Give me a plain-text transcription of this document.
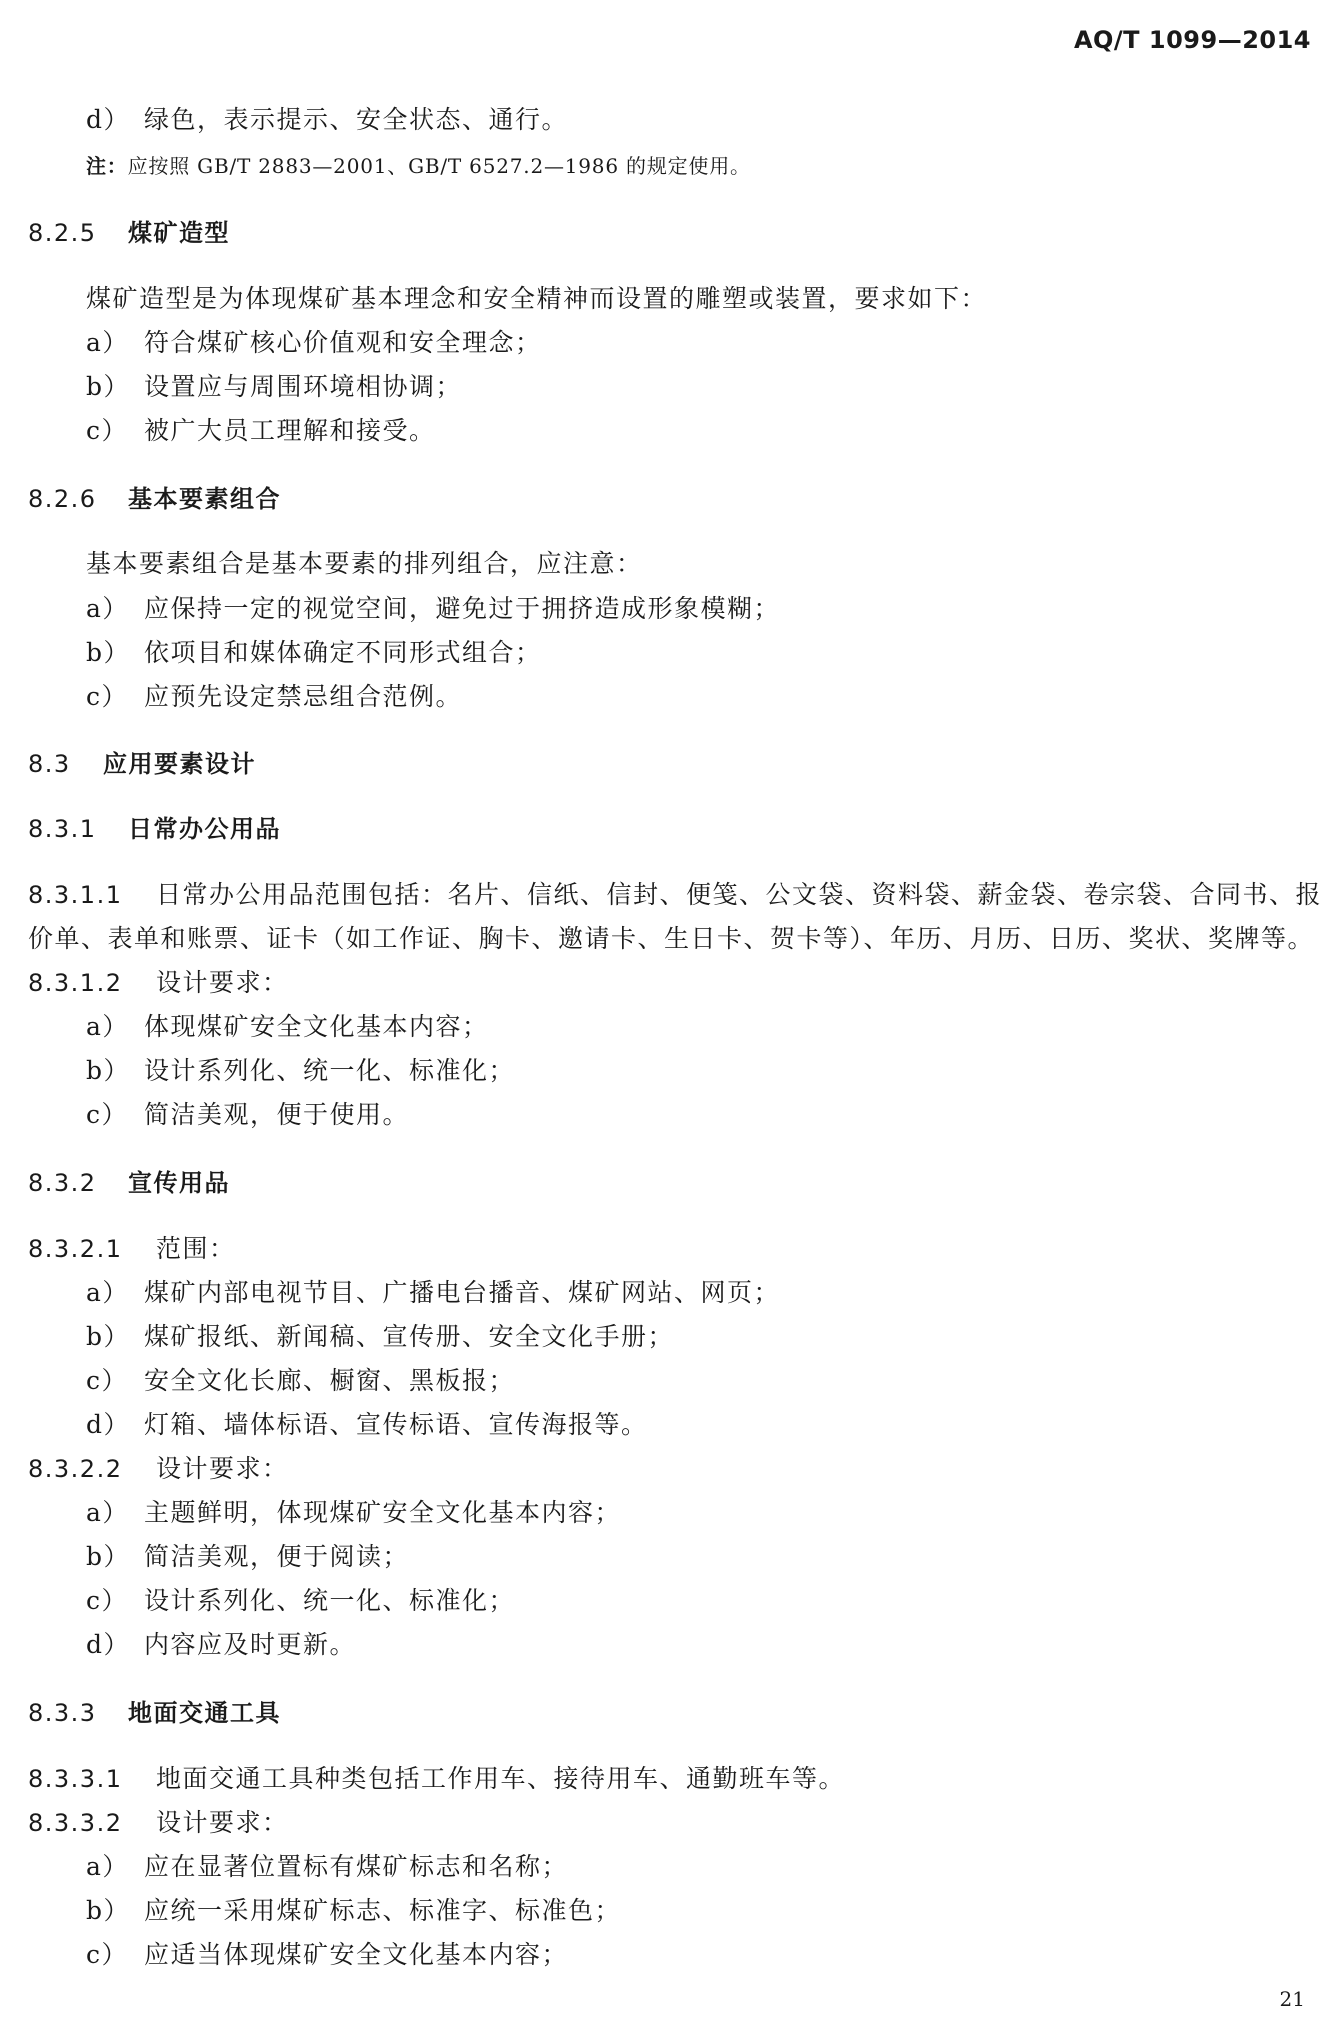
AQ/T 1099—2014
d） 绿色，表示提示、安全状态、通行。
注：应按照 GB/T 2883—2001、GB/T 6527.2—1986 的规定使用。
8.2.5 煤矿造型
煤矿造型是为体现煤矿基本理念和安全精神而设置的雕塑或装置，要求如下：
a） 符合煤矿核心价值观和安全理念；
b） 设置应与周围环境相协调；
c） 被广大员工理解和接受。
8.2.6 基本要素组合
基本要素组合是基本要素的排列组合，应注意：
a） 应保持一定的视觉空间，避免过于拥挤造成形象模糊；
b） 依项目和媒体确定不同形式组合；
c） 应预先设定禁忌组合范例。
8.3 应用要素设计
8.3.1 日常办公用品
8.3.1.1 日常办公用品范围包括：名片、信纸、信封、便笺、公文袋、资料袋、薪金袋、卷宗袋、合同书、报
价单、表单和账票、证卡（如工作证、胸卡、邀请卡、生日卡、贺卡等）、年历、月历、日历、奖状、奖牌等。
8.3.1.2 设计要求：
a） 体现煤矿安全文化基本内容；
b） 设计系列化、统一化、标准化；
c） 简洁美观，便于使用。
8.3.2 宣传用品
8.3.2.1 范围：
a） 煤矿内部电视节目、广播电台播音、煤矿网站、网页；
b） 煤矿报纸、新闻稿、宣传册、安全文化手册；
c） 安全文化长廊、橱窗、黑板报；
d） 灯箱、墙体标语、宣传标语、宣传海报等。
8.3.2.2 设计要求：
a） 主题鲜明，体现煤矿安全文化基本内容；
b） 简洁美观，便于阅读；
c） 设计系列化、统一化、标准化；
d） 内容应及时更新。
8.3.3 地面交通工具
8.3.3.1 地面交通工具种类包括工作用车、接待用车、通勤班车等。
8.3.3.2 设计要求：
a） 应在显著位置标有煤矿标志和名称；
b） 应统一采用煤矿标志、标准字、标准色；
c） 应适当体现煤矿安全文化基本内容；
21
